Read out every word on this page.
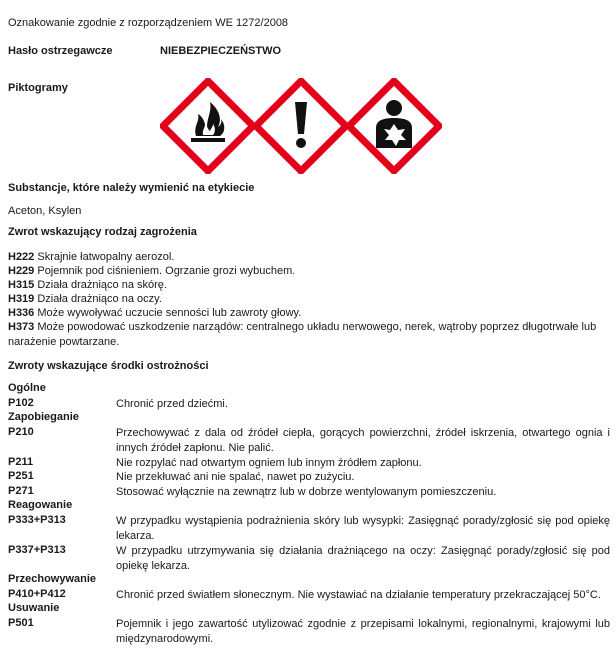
Oznakowanie zgodnie z rozporządzeniem WE 1272/2008
Hasło ostrzegawcze	NIEBEZPIECZEŃSTWO
Piktogramy
Substancje, które należy wymienić na etykiecie
Aceton, Ksylen
Zwrot wskazujący rodzaj zagrożenia
H222 Skrajnie łatwopalny aerozol.
H229 Pojemnik pod ciśnieniem. Ogrzanie grozi wybuchem.
H315 Działa drażniąco na skórę.
H319 Działa drażniąco na oczy.
H336 Może wywoływać uczucie senności lub zawroty głowy.
H373 Może powodować uszkodzenie narządów: centralnego układu nerwowego, nerek, wątroby poprzez długotrwałe lub narażenie powtarzane.
Zwroty wskazujące środki ostrożności
Ogólne
P102	Chronić przed dziećmi.
Zapobieganie
P210	Przechowywać z dala od źródeł ciepła, gorących powierzchni, źródeł iskrzenia, otwartego ognia i innych źródeł zapłonu. Nie palić.
P211	Nie rozpylać nad otwartym ogniem lub innym źródłem zapłonu.
P251	Nie przekłuwać ani nie spalać, nawet po zużyciu.
P271	Stosować wyłącznie na zewnątrz lub w dobrze wentylowanym pomieszczeniu.
Reagowanie
P333+P313	W przypadku wystąpienia podrażnienia skóry lub wysypki: Zasięgnąć porady/zgłosić się pod opiekę lekarza.
P337+P313	W przypadku utrzymywania się działania drażniącego na oczy: Zasięgnąć porady/zgłosić się pod opiekę lekarza.
Przechowywanie
P410+P412	Chronić przed światłem słonecznym. Nie wystawiać na działanie temperatury przekraczającej 50°C.
Usuwanie
P501	Pojemnik i jego zawartość utylizować zgodnie z przepisami lokalnymi, regionalnymi, krajowymi lub międzynarodowymi.
